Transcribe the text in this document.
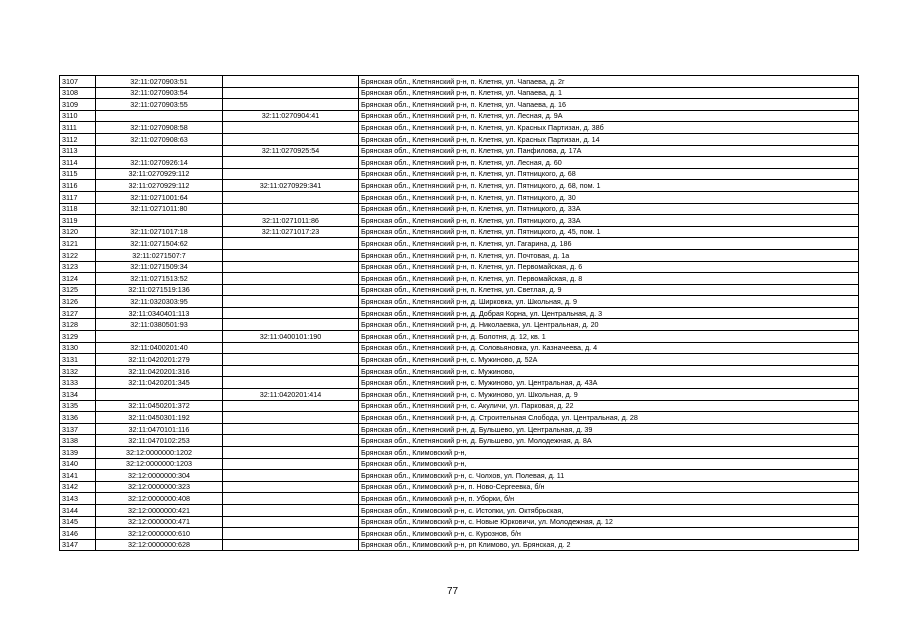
3107	32:11:0270903:51		Брянская обл., Клетнянский р-н, п. Клетня, ул. Чапаева, д. 2г
3108	32:11:0270903:54		Брянская обл., Клетнянский р-н, п. Клетня, ул. Чапаева, д. 1
3109	32:11:0270903:55		Брянская обл., Клетнянский р-н, п. Клетня, ул. Чапаева, д. 16
3110		32:11:0270904:41	Брянская обл., Клетнянский р-н, п. Клетня, ул. Лесная, д. 9А
3111	32:11:0270908:58		Брянская обл., Клетнянский р-н, п. Клетня, ул. Красных Партизан, д. 38б
3112	32:11:0270908:63		Брянская обл., Клетнянский р-н, п. Клетня, ул. Красных Партизан, д. 14
3113		32:11:0270925:54	Брянская обл., Клетнянский р-н, п. Клетня, ул. Панфилова, д. 17А
3114	32:11:0270926:14		Брянская обл., Клетнянский р-н, п. Клетня, ул. Лесная, д. 60
3115	32:11:0270929:112		Брянская обл., Клетнянский р-н, п. Клетня, ул. Пятницкого, д. 68
3116	32:11:0270929:112	32:11:0270929:341	Брянская обл., Клетнянский р-н, п. Клетня, ул. Пятницкого, д. 68, пом. 1
3117	32:11:0271001:64		Брянская обл., Клетнянский р-н, п. Клетня, ул. Пятницкого, д. 30
3118	32:11:0271011:80		Брянская обл., Клетнянский р-н, п. Клетня, ул. Пятницкого, д. 33А
3119		32:11:0271011:86	Брянская обл., Клетнянский р-н, п. Клетня, ул. Пятницкого, д. 33А
3120	32:11:0271017:18	32:11:0271017:23	Брянская обл., Клетнянский р-н, п. Клетня, ул. Пятницкого, д. 45, пом. 1
3121	32:11:0271504:62		Брянская обл., Клетнянский р-н, п. Клетня, ул. Гагарина, д. 186
3122	32:11:0271507:7		Брянская обл., Клетнянский р-н, п. Клетня, ул. Почтовая, д. 1а
3123	32:11:0271509:34		Брянская обл., Клетнянский р-н, п. Клетня, ул. Первомайская, д. 6
3124	32:11:0271513:52		Брянская обл., Клетнянский р-н, п. Клетня, ул. Первомайская, д. 8
3125	32:11:0271519:136		Брянская обл., Клетнянский р-н, п. Клетня, ул. Светлая, д. 9
3126	32:11:0320303:95		Брянская обл., Клетнянский р-н, д. Ширковка, ул. Школьная, д. 9
3127	32:11:0340401:113		Брянская обл., Клетнянский р-н, д. Добрая Корна, ул. Центральная, д. 3
3128	32:11:0380501:93		Брянская обл., Клетнянский р-н, д. Николаевка, ул. Центральная, д. 20
3129		32:11:0400101:190	Брянская обл., Клетнянский р-н, д. Болотня, д. 12, кв. 1
3130	32:11:0400201:40		Брянская обл., Клетнянский р-н, д. Соловьяновка, ул. Казначеева, д. 4
3131	32:11:0420201:279		Брянская обл., Клетнянский р-н, с. Мужиново, д. 52А
3132	32:11:0420201:316		Брянская обл., Клетнянский р-н, с. Мужиново,
3133	32:11:0420201:345		Брянская обл., Клетнянский р-н, с. Мужиново, ул. Центральная, д. 43А
3134		32:11:0420201:414	Брянская обл., Клетнянский р-н, с. Мужиново, ул. Школьная, д. 9
3135	32:11:0450201:372		Брянская обл., Клетнянский р-н, с. Акуличи, ул. Парковая, д. 22
3136	32:11:0450301:192		Брянская обл., Клетнянский р-н, д. Строительная Слобода, ул. Центральная, д. 28
3137	32:11:0470101:116		Брянская обл., Клетнянский р-н, д. Бульшево, ул. Центральная, д. 39
3138	32:11:0470102:253		Брянская обл., Клетнянский р-н, д. Бульшево, ул. Молодежная, д. 8А
3139	32:12:0000000:1202		Брянская обл., Климовский р-н,
3140	32:12:0000000:1203		Брянская обл., Климовский р-н,
3141	32:12:0000000:304		Брянская обл., Климовский р-н, с. Чолхов, ул. Полевая, д. 11
3142	32:12:0000000:323		Брянская обл., Климовский р-н, п. Ново-Сергеевка, б/н
3143	32:12:0000000:408		Брянская обл., Климовский р-н, п. Уборки, б/н
3144	32:12:0000000:421		Брянская обл., Климовский р-н, с. Истопки, ул. Октябрьская,
3145	32:12:0000000:471		Брянская обл., Климовский р-н, с. Новые Юрковичи, ул. Молодежная, д. 12
3146	32:12:0000000:610		Брянская обл., Климовский р-н, с. Курознов, б/н
3147	32:12:0000000:628		Брянская обл., Климовский р-н, рп Климово, ул. Брянская, д. 2
77
